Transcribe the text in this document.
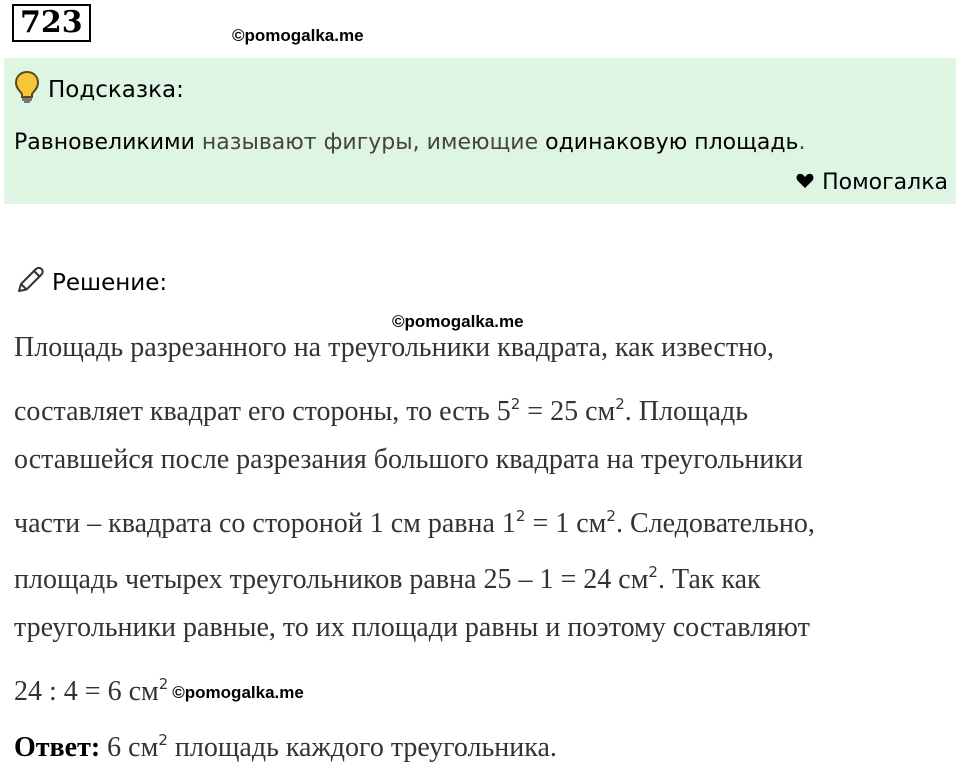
723	©pomogalka.me
Подсказка:
Равновеликими называют фигуры, имеющие одинаковую площадь.
Помогалка
Решение:
©pomogalka.me
Площадь разрезанного на треугольники квадрата, как известно,
составляет квадрат его стороны, то есть $5^2 = 25$ $см^2$. Площадь
оставшейся после разрезания большого квадрата на треугольники
части – квадрата со стороной 1 см равна $1^2 = 1$ $см^2$. Следовательно,
площадь четырех треугольников равна 25 – 1 = 24 $см^2$. Так как
треугольники равные, то их площади равны и поэтому составляют
24 : 4 = 6 $см^2$ ©pomogalka.me
Ответ: 6 $см^2$ площадь каждого треугольника.
